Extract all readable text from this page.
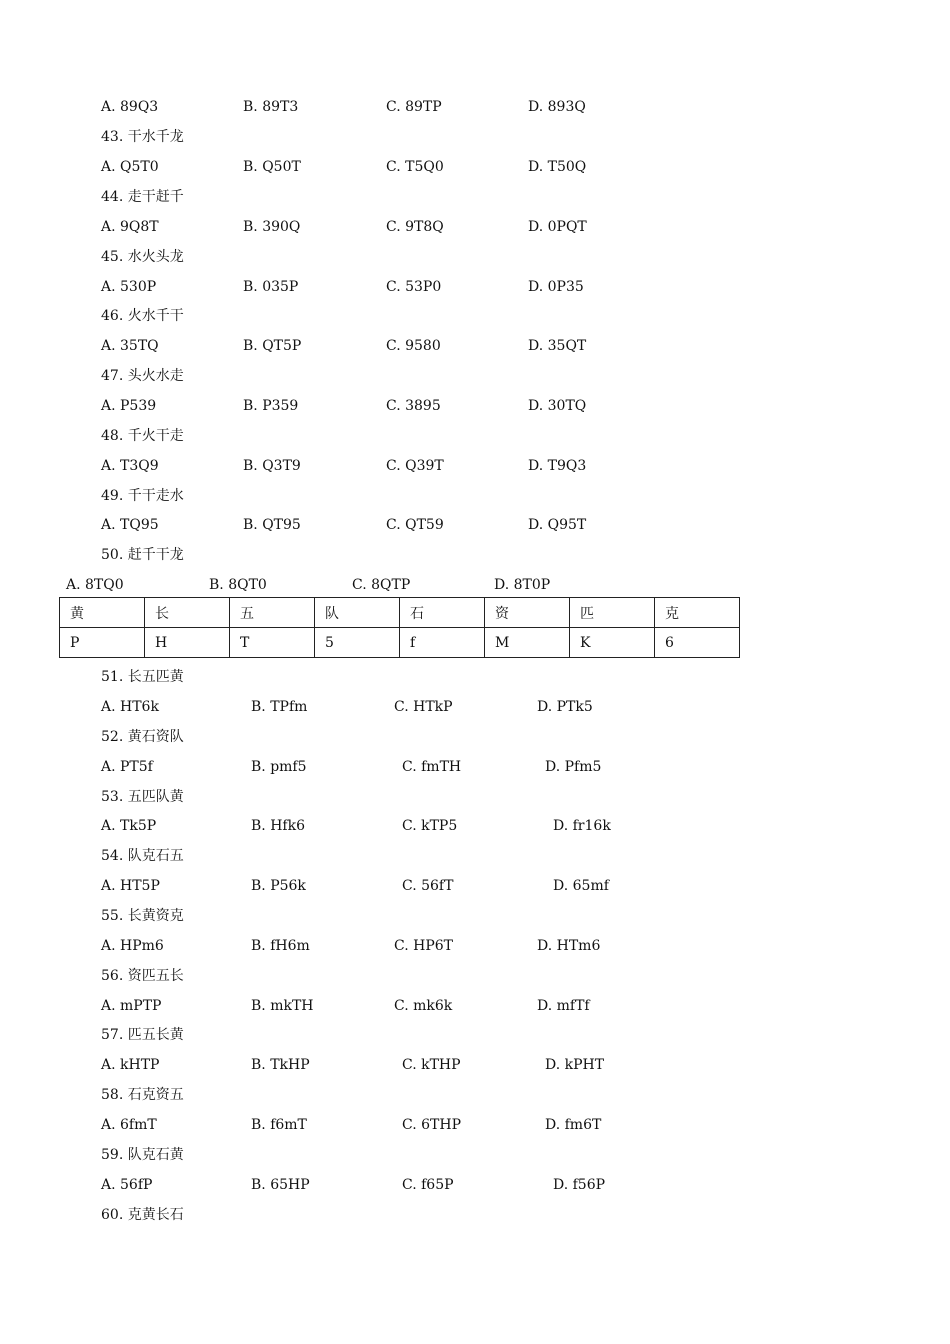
A. 89Q3	B. 89T3	C. 89TP	D. 893Q
43. 干水千龙
A. Q5T0	B. Q50T	C. T5Q0	D. T50Q
44. 走干赶千
A. 9Q8T	B. 390Q	C. 9T8Q	D. 0PQT
45. 水火头龙
A. 530P	B. 035P	C. 53P0	D. 0P35
46. 火水千干
A. 35TQ	B. QT5P	C. 9580	D. 35QT
47. 头火水走
A. P539	B. P359	C. 3895	D. 30TQ
48. 千火干走
A. T3Q9	B. Q3T9	C. Q39T	D. T9Q3
49. 千干走水
A. TQ95	B. QT95	C. QT59	D. Q95T
50. 赶千干龙
A. 8TQ0	B. 8QT0	C. 8QTP	D. 8T0P
黄	长	五	队	石	资	匹	克
P	H	T	5	f	M	K	6
51. 长五匹黄
A. HT6k	B. TPfm	C. HTkP	D. PTk5
52. 黄石资队
A. PT5f	B. pmf5	C. fmTH	D. Pfm5
53. 五匹队黄
A. Tk5P	B. Hfk6	C. kTP5	D. fr16k
54. 队克石五
A. HT5P	B. P56k	C. 56fT	D. 65mf
55. 长黄资克
A. HPm6	B. fH6m	C. HP6T	D. HTm6
56. 资匹五长
A. mPTP	B. mkTH	C. mk6k	D. mfTf
57. 匹五长黄
A. kHTP	B. TkHP	C. kTHP	D. kPHT
58. 石克资五
A. 6fmT	B. f6mT	C. 6THP	D. fm6T
59. 队克石黄
A. 56fP	B. 65HP	C. f65P	D. f56P
60. 克黄长石
